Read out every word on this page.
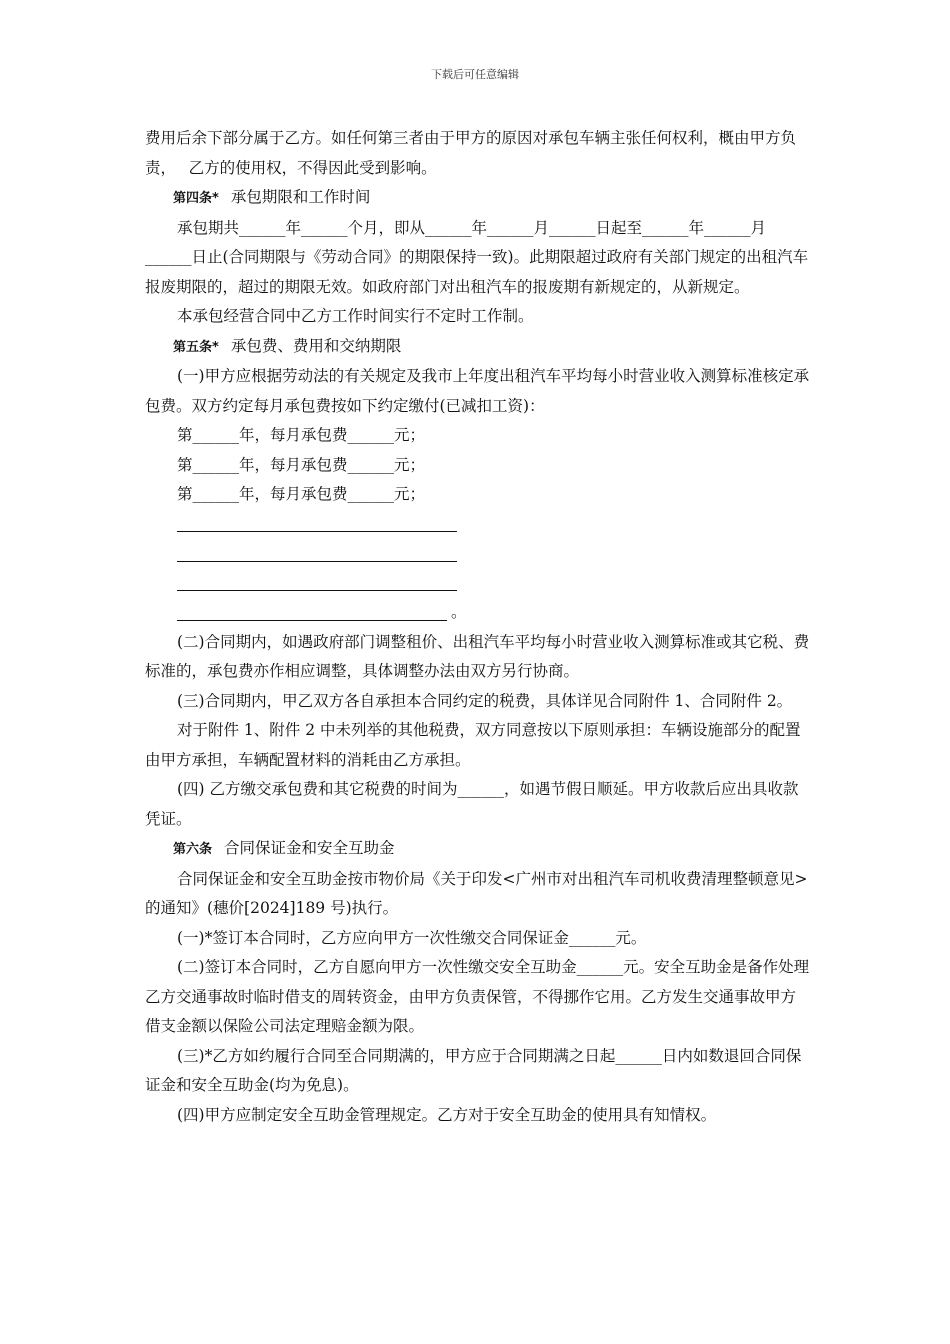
下载后可任意编辑

费用后余下部分属于乙方。如任何第三者由于甲方的原因对承包车辆主张任何权利，概由甲方负责，　 乙方的使用权，不得因此受到影响。

第四条* 承包期限和工作时间

承包期共______年______个月，即从______年______月______日起至______年______月 ______日止(合同期限与《劳动合同》的期限保持一致)。此期限超过政府有关部门规定的出租汽车报废期限的，超过的期限无效。如政府部门对出租汽车的报废期有新规定的，从新规定。

本承包经营合同中乙方工作时间实行不定时工作制。

第五条* 承包费、费用和交纳期限

(一)甲方应根据劳动法的有关规定及我市上年度出租汽车平均每小时营业收入测算标准核定承包费。双方约定每月承包费按如下约定缴付(已减扣工资)：

第______年，每月承包费______元；

第______年，每月承包费______元；

第______年，每月承包费______元；

。

(二)合同期内，如遇政府部门调整租价、出租汽车平均每小时营业收入测算标准或其它税、费标准的，承包费亦作相应调整，具体调整办法由双方另行协商。

(三)合同期内，甲乙双方各自承担本合同约定的税费，具体详见合同附件 1、合同附件 2。

对于附件 1、附件 2 中未列举的其他税费，双方同意按以下原则承担：车辆设施部分的配置由甲方承担，车辆配置材料的消耗由乙方承担。

(四) 乙方缴交承包费和其它税费的时间为______，如遇节假日顺延。甲方收款后应出具收款凭证。

第六条 合同保证金和安全互助金

合同保证金和安全互助金按市物价局《关于印发<广州市对出租汽车司机收费清理整顿意见>的通知》(穗价[2024]189 号)执行。

(一)*签订本合同时，乙方应向甲方一次性缴交合同保证金______元。

(二)签订本合同时，乙方自愿向甲方一次性缴交安全互助金______元。安全互助金是备作处理乙方交通事故时临时借支的周转资金，由甲方负责保管，不得挪作它用。乙方发生交通事故甲方借支金额以保险公司法定理赔金额为限。

(三)*乙方如约履行合同至合同期满的，甲方应于合同期满之日起______日内如数退回合同保证金和安全互助金(均为免息)。

(四)甲方应制定安全互助金管理规定。乙方对于安全互助金的使用具有知情权。
